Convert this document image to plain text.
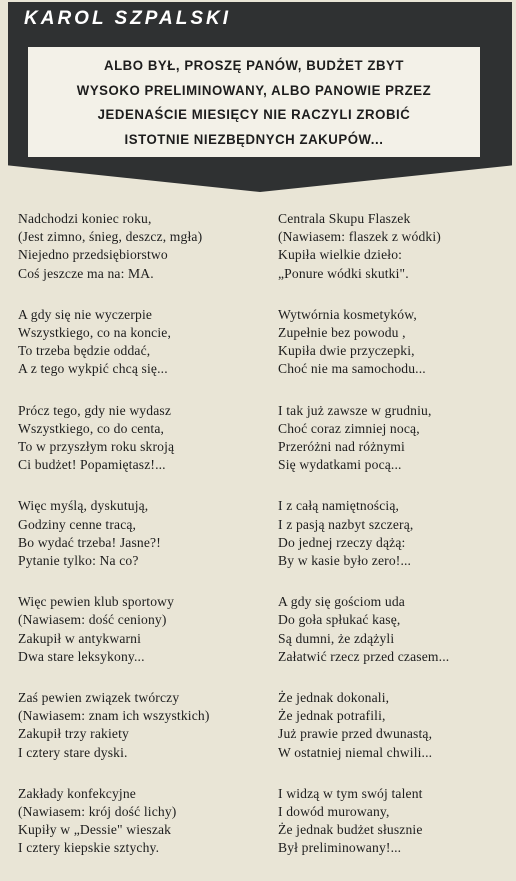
KAROL SZPALSKI
ALBO BYŁ, PROSZĘ PANÓW, BUDŻET ZBYT
WYSOKO PRELIMINOWANY, ALBO PANOWIE PRZEZ
JEDENAŚCIE MIESIĘCY NIE RACZYLI ZROBIĆ
ISTOTNIE NIEZBĘDNYCH ZAKUPÓW...
Nadchodzi koniec roku,
(Jest zimno, śnieg, deszcz, mgła)
Niejedno przedsiębiorstwo
Coś jeszcze ma na: MA.
A gdy się nie wyczerpie
Wszystkiego, co na koncie,
To trzeba będzie oddać,
A z tego wykpić chcą się...
Prócz tego, gdy nie wydasz
Wszystkiego, co do centa,
To w przyszłym roku skroją
Ci budżet! Popamiętasz!...
Więc myślą, dyskutują,
Godziny cenne tracą,
Bo wydać trzeba! Jasne?!
Pytanie tylko: Na co?
Więc pewien klub sportowy
(Nawiasem: dość ceniony)
Zakupił w antykwarni
Dwa stare leksykony...
Zaś pewien związek twórczy
(Nawiasem: znam ich wszystkich)
Zakupił trzy rakiety
I cztery stare dyski.
Zakłady konfekcyjne
(Nawiasem: krój dość lichy)
Kupiły w „Dessie" wieszak
I cztery kiepskie sztychy.
Centrala Skupu Flaszek
(Nawiasem: flaszek z wódki)
Kupiła wielkie dzieło:
„Ponure wódki skutki".
Wytwórnia kosmetyków,
Zupełnie bez powodu ,
Kupiła dwie przyczepki,
Choć nie ma samochodu...
I tak już zawsze w grudniu,
Choć coraz zimniej nocą,
Przeróżni nad różnymi
Się wydatkami pocą...
I z całą namiętnością,
I z pasją nazbyt szczerą,
Do jednej rzeczy dążą:
By w kasie było zero!...
A gdy się gościom uda
Do goła spłukać kasę,
Są dumni, że zdążyli
Załatwić rzecz przed czasem...
Że jednak dokonali,
Że jednak potrafili,
Już prawie przed dwunastą,
W ostatniej niemal chwili...
I widzą w tym swój talent
I dowód murowany,
Że jednak budżet słusznie
Był preliminowany!...
